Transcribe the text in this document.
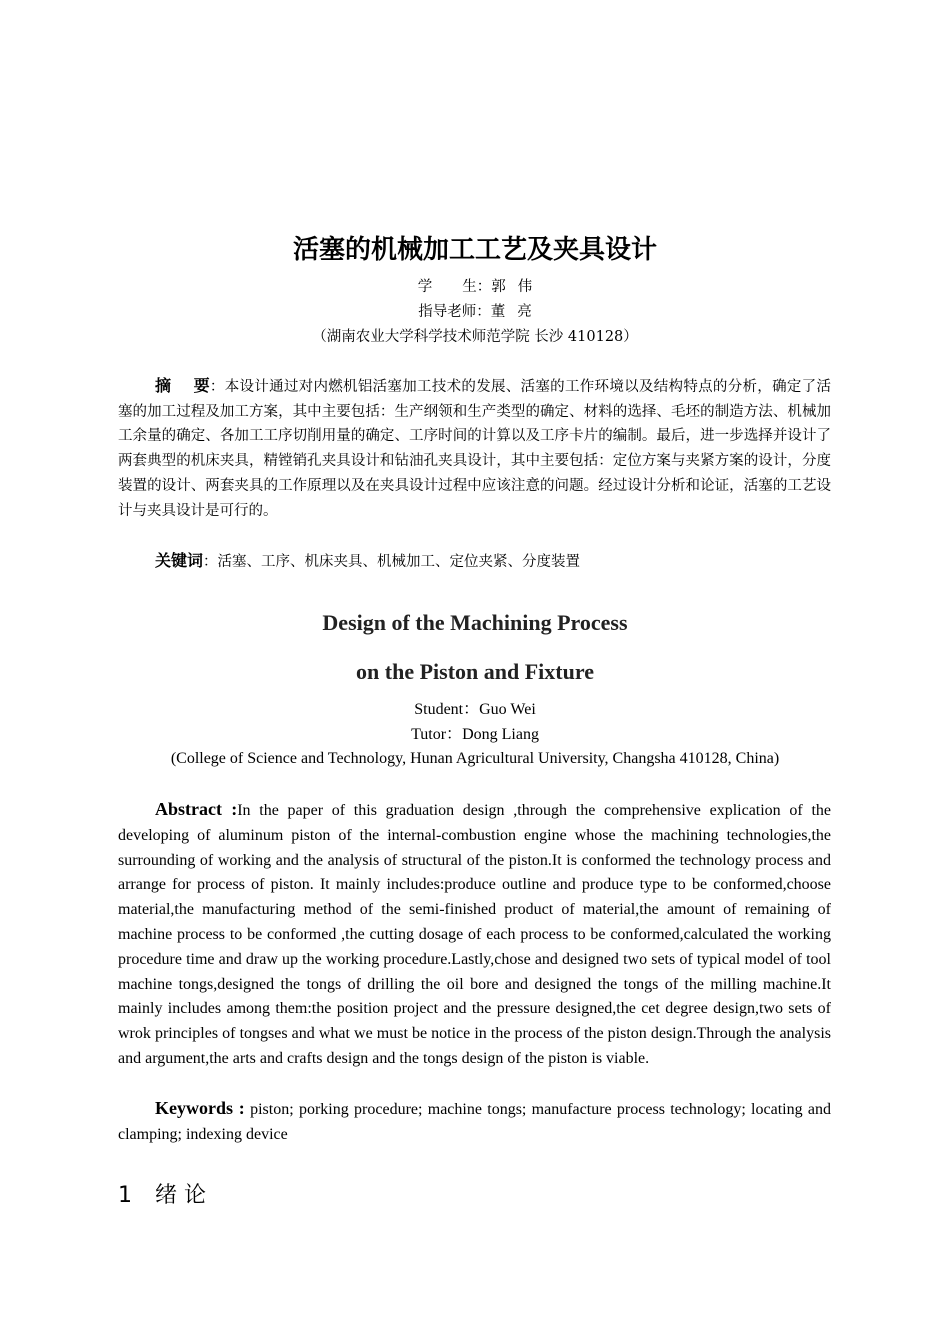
活塞的机械加工工艺及夹具设计
学 生：郭 伟
指导老师：董 亮
（湖南农业大学科学技术师范学院 长沙 410128）

摘 要：本设计通过对内燃机铝活塞加工技术的发展、活塞的工作环境以及结构特点的分析，确定了活塞的加工过程及加工方案，其中主要包括：生产纲领和生产类型的确定、材料的选择、毛坯的制造方法、机械加工余量的确定、各加工工序切削用量的确定、工序时间的计算以及工序卡片的编制。最后，进一步选择并设计了两套典型的机床夹具，精镗销孔夹具设计和钻油孔夹具设计，其中主要包括：定位方案与夹紧方案的设计，分度装置的设计、两套夹具的工作原理以及在夹具设计过程中应该注意的问题。经过设计分析和论证，活塞的工艺设计与夹具设计是可行的。

关键词：活塞、工序、机床夹具、机械加工、定位夹紧、分度装置

Design of the Machining Process
on the Piston and Fixture
Student：Guo Wei
Tutor：Dong Liang
(College of Science and Technology, Hunan Agricultural University, Changsha 410128, China)

Abstract :In the paper of this graduation design ,through the comprehensive explication of the developing of aluminum piston of the internal-combustion engine whose the machining technologies,the surrounding of working and the analysis of structural of the piston.It is conformed the technology process and arrange for process of piston. It mainly includes:produce outline and produce type to be conformed,choose material,the manufacturing method of the semi-finished product of material,the amount of remaining of machine process to be conformed ,the cutting dosage of each process to be conformed,calculated the working procedure time and draw up the working procedure.Lastly,chose and designed two sets of typical model of tool machine tongs,designed the tongs of drilling the oil bore and designed the tongs of the milling machine.It mainly includes among them:the position project and the pressure designed,the cet degree design,two sets of wrok principles of tongses and what we must be notice in the process of the piston design.Through the analysis and argument,the arts and crafts design and the tongs design of the piston is viable.

Keywords : piston; porking procedure; machine tongs; manufacture process technology; locating and clamping; indexing device

1 绪 论
